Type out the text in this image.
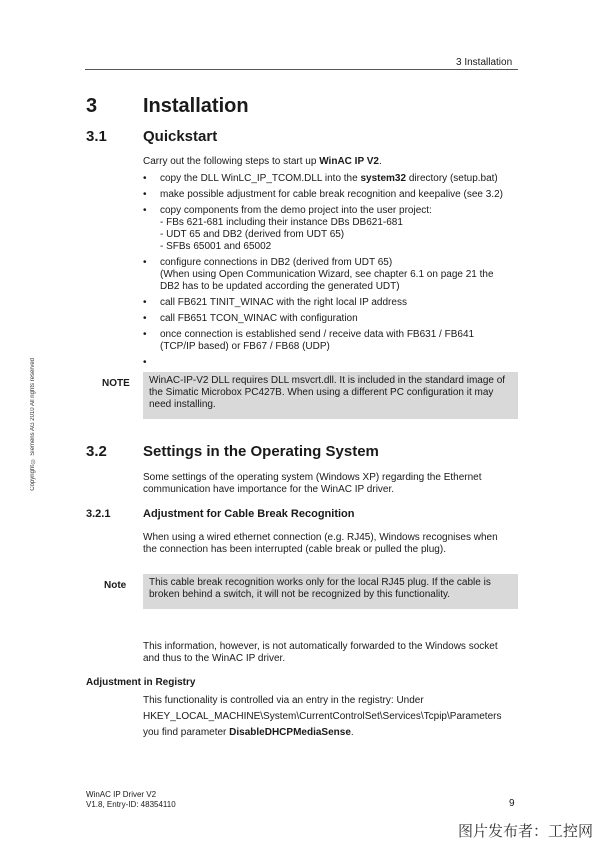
3 Installation
Copyright © Siemens AG 2010 All rights reserved
3 Installation
3.1 Quickstart
Carry out the following steps to start up WinAC IP V2.
• copy the DLL WinLC_IP_TCOM.DLL into the system32 directory (setup.bat)
• make possible adjustment for cable break recognition and keepalive (see 3.2)
• copy components from the demo project into the user project:
- FBs 621-681 including their instance DBs DB621-681
- UDT 65 and DB2 (derived from UDT 65)
- SFBs 65001 and 65002
• configure connections in DB2 (derived from UDT 65)
(When using Open Communication Wizard, see chapter 6.1 on page 21 the
DB2 has to be updated according the generated UDT)
• call FB621 TINIT_WINAC with the right local IP address
• call FB651 TCON_WINAC with configuration
• once connection is established send / receive data with FB631 / FB641
(TCP/IP based) or FB67 / FB68 (UDP)
•
NOTE WinAC-IP-V2 DLL requires DLL msvcrt.dll. It is included in the standard image of
the Simatic Microbox PC427B. When using a different PC configuration it may
need installing.
3.2 Settings in the Operating System
Some settings of the operating system (Windows XP) regarding the Ethernet
communication have importance for the WinAC IP driver.
3.2.1	Adjustment for Cable Break Recognition
When using a wired ethernet connection (e.g. RJ45), Windows recognises when
the connection has been interrupted (cable break or pulled the plug).
Note This cable break recognition works only for the local RJ45 plug. If the cable is
broken behind a switch, it will not be recognized by this functionality.
This information, however, is not automatically forwarded to the Windows socket
and thus to the WinAC IP driver.
Adjustment in Registry
This functionality is controlled via an entry in the registry: Under
HKEY_LOCAL_MACHINE\System\CurrentControlSet\Services\Tcpip\Parameters
you find parameter DisableDHCPMediaSense.
WinAC IP Driver V2
V1.8, Entry-ID: 48354110	9
图片发布者：工控网
